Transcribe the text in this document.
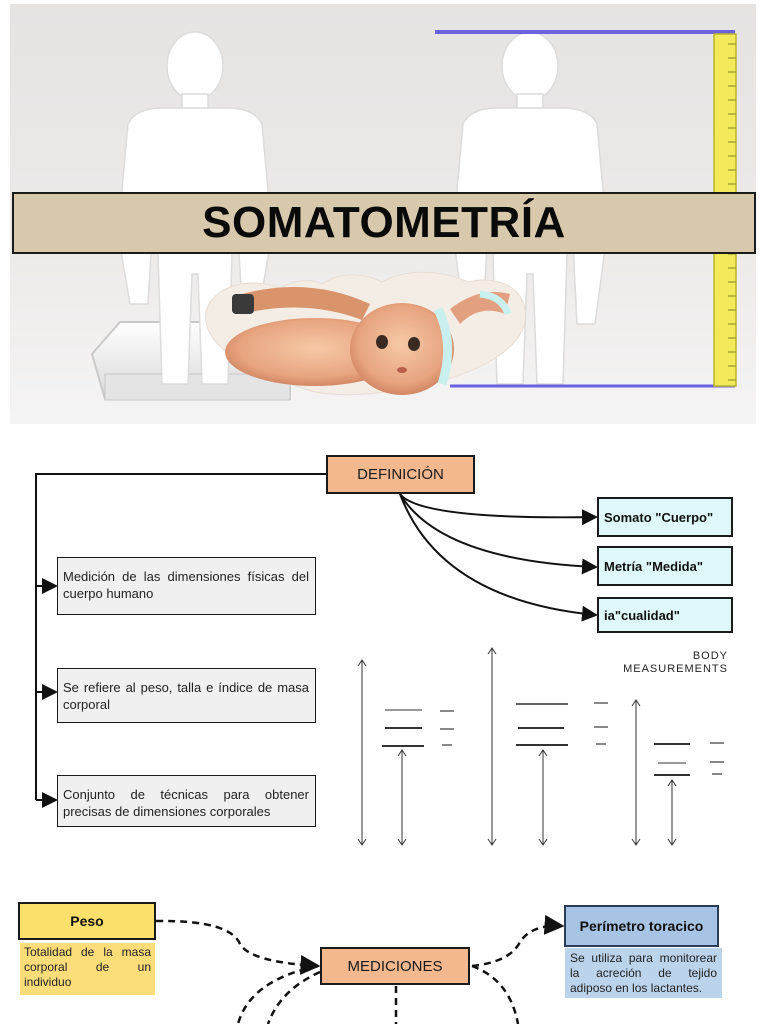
SOMATOMETRÍA
DEFINICIÓN
Somato "Cuerpo"
Metría "Medida"
ia"cualidad"
Medición de las dimensiones físicas del cuerpo humano
Se refiere al peso, talla e índice de masa corporal
Conjunto de técnicas para obtener precisas de dimensiones corporales
BODY
MEASUREMENTS
Peso
Totalidad de la masa corporal de un individuo
MEDICIONES
Perímetro toracico
Se utiliza para monitorear la acreción de tejido adiposo en los lactantes.
